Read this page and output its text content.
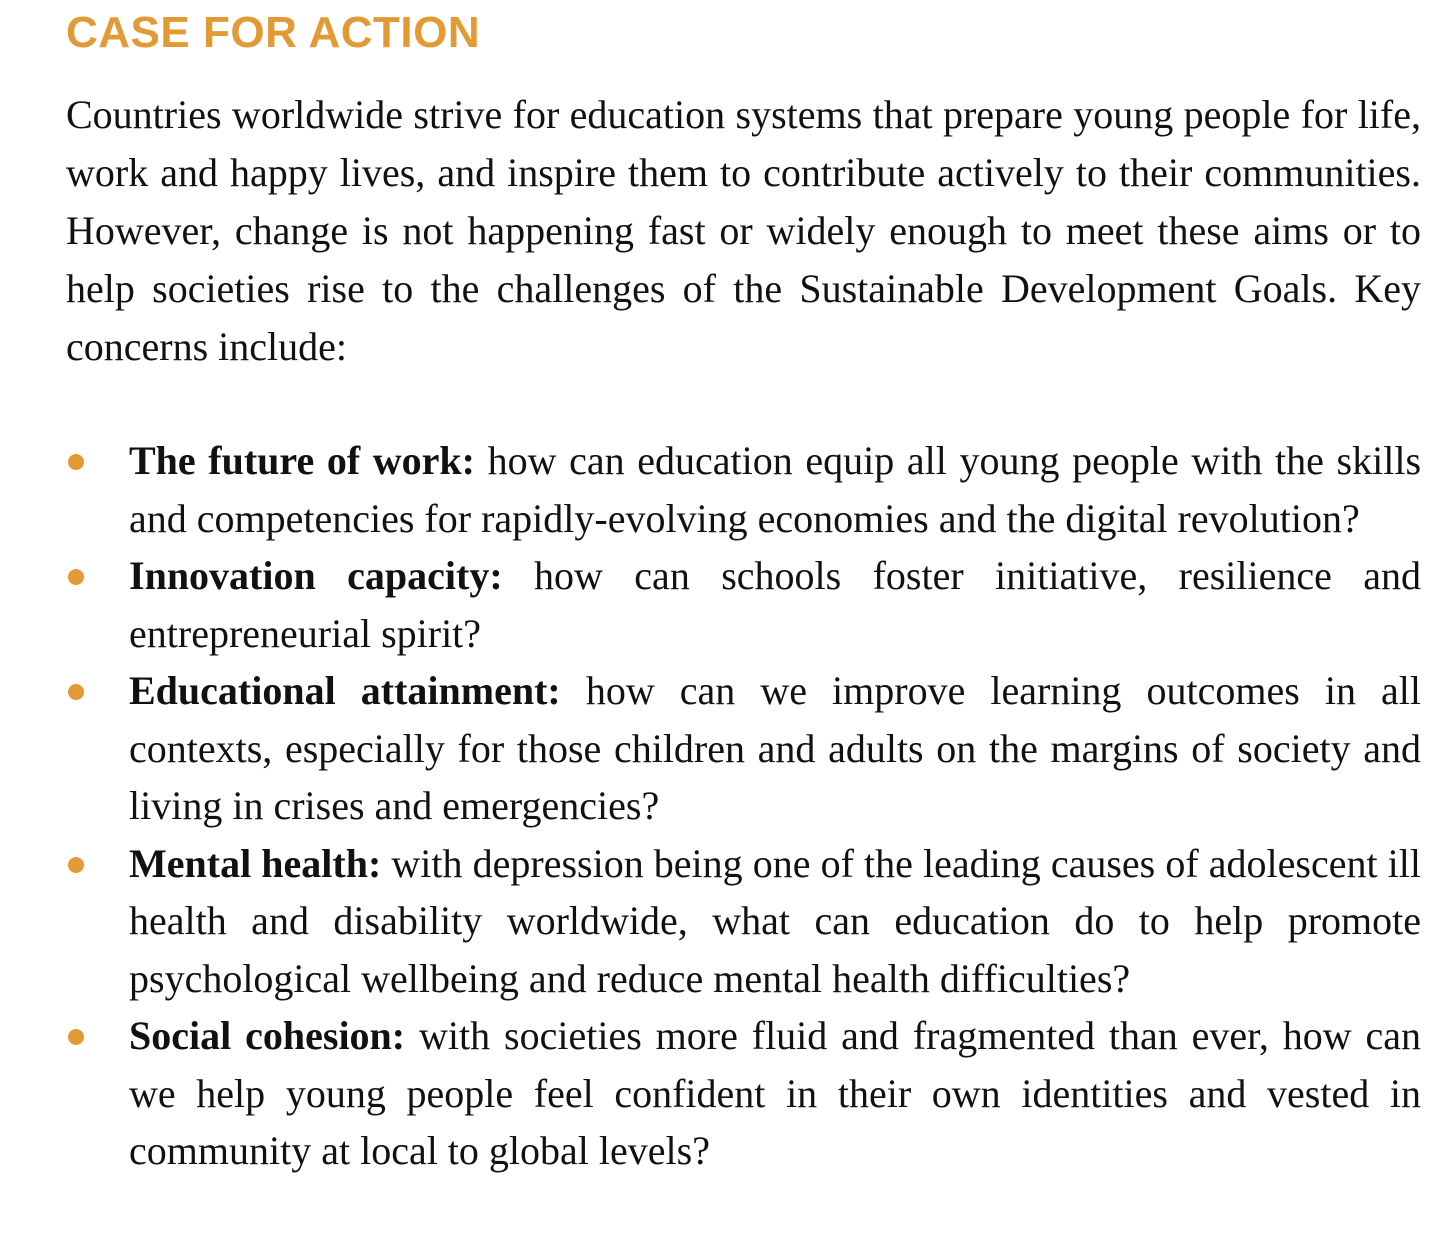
CASE FOR ACTION

Countries worldwide strive for education systems that prepare young people for life, work and happy lives, and inspire them to contribute actively to their communities. However, change is not happening fast or widely enough to meet these aims or to help societies rise to the challenges of the Sustainable Development Goals. Key concerns include:

The future of work: how can education equip all young people with the skills and competencies for rapidly-evolving economies and the digital revolution?
Innovation capacity: how can schools foster initiative, resilience and entrepreneurial spirit?
Educational attainment: how can we improve learning outcomes in all contexts, especially for those children and adults on the margins of society and living in crises and emergencies?
Mental health: with depression being one of the leading causes of adolescent ill health and disability worldwide, what can education do to help promote psychological wellbeing and reduce mental health difficulties?
Social cohesion: with societies more fluid and fragmented than ever, how can we help young people feel confident in their own identities and vested in community at local to global levels?
